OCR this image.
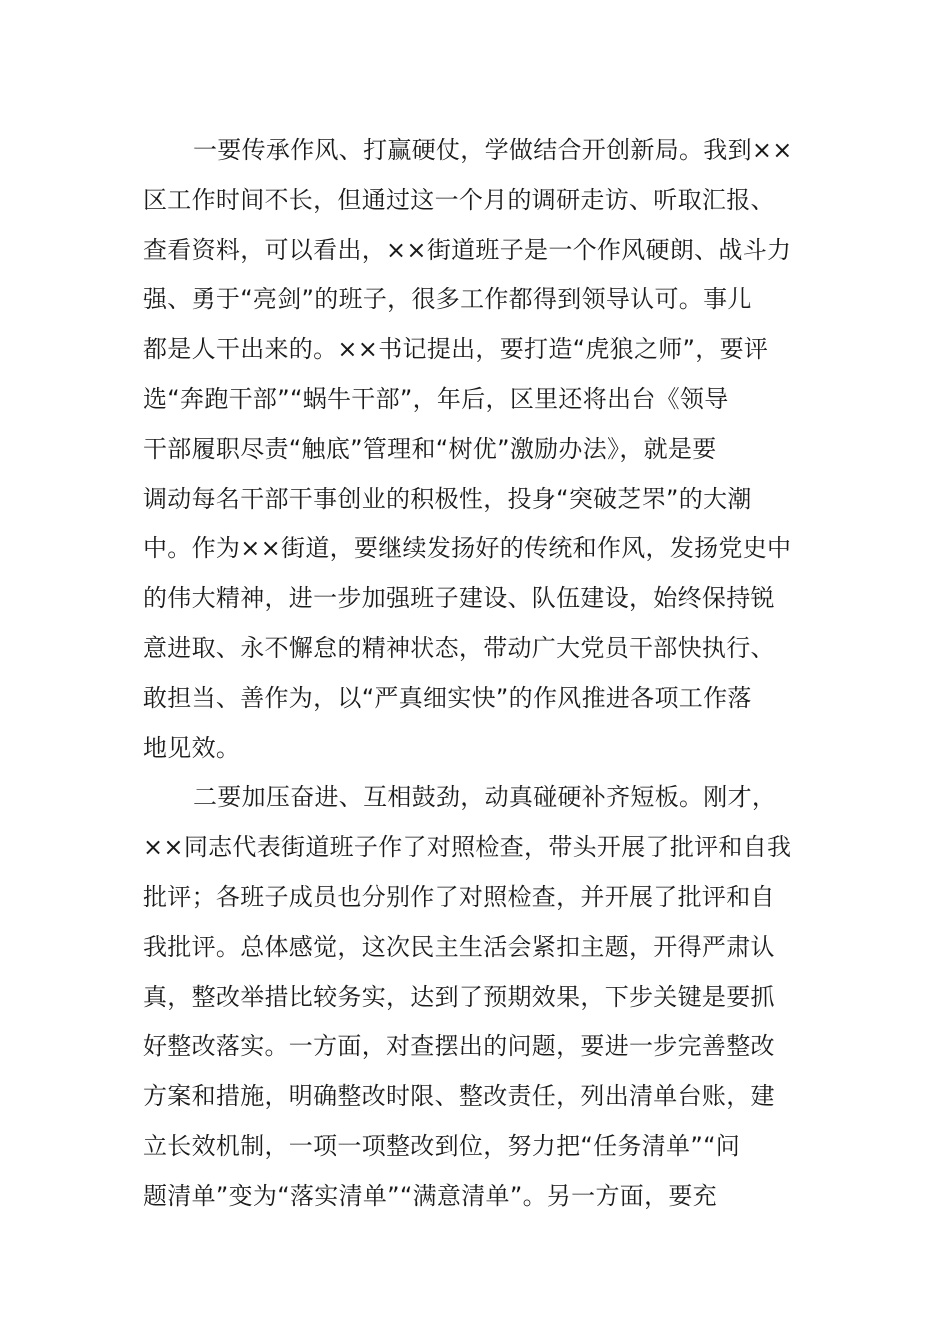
一要传承作风、打赢硬仗，学做结合开创新局。我到××
区工作时间不长，但通过这一个月的调研走访、听取汇报、
查看资料，可以看出，××街道班子是一个作风硬朗、战斗力
强、勇于“亮剑”的班子，很多工作都得到领导认可。事儿
都是人干出来的。××书记提出，要打造“虎狼之师”，要评
选“奔跑干部”“蜗牛干部”，年后，区里还将出台《领导
干部履职尽责“触底”管理和“树优”激励办法》，就是要
调动每名干部干事创业的积极性，投身“突破芝罘”的大潮
中。作为××街道，要继续发扬好的传统和作风，发扬党史中
的伟大精神，进一步加强班子建设、队伍建设，始终保持锐
意进取、永不懈怠的精神状态，带动广大党员干部快执行、
敢担当、善作为，以“严真细实快”的作风推进各项工作落
地见效。
二要加压奋进、互相鼓劲，动真碰硬补齐短板。刚才，
××同志代表街道班子作了对照检查，带头开展了批评和自我
批评；各班子成员也分别作了对照检查，并开展了批评和自
我批评。总体感觉，这次民主生活会紧扣主题，开得严肃认
真，整改举措比较务实，达到了预期效果，下步关键是要抓
好整改落实。一方面，对查摆出的问题，要进一步完善整改
方案和措施，明确整改时限、整改责任，列出清单台账，建
立长效机制，一项一项整改到位，努力把“任务清单”“问
题清单”变为“落实清单”“满意清单”。另一方面，要充
